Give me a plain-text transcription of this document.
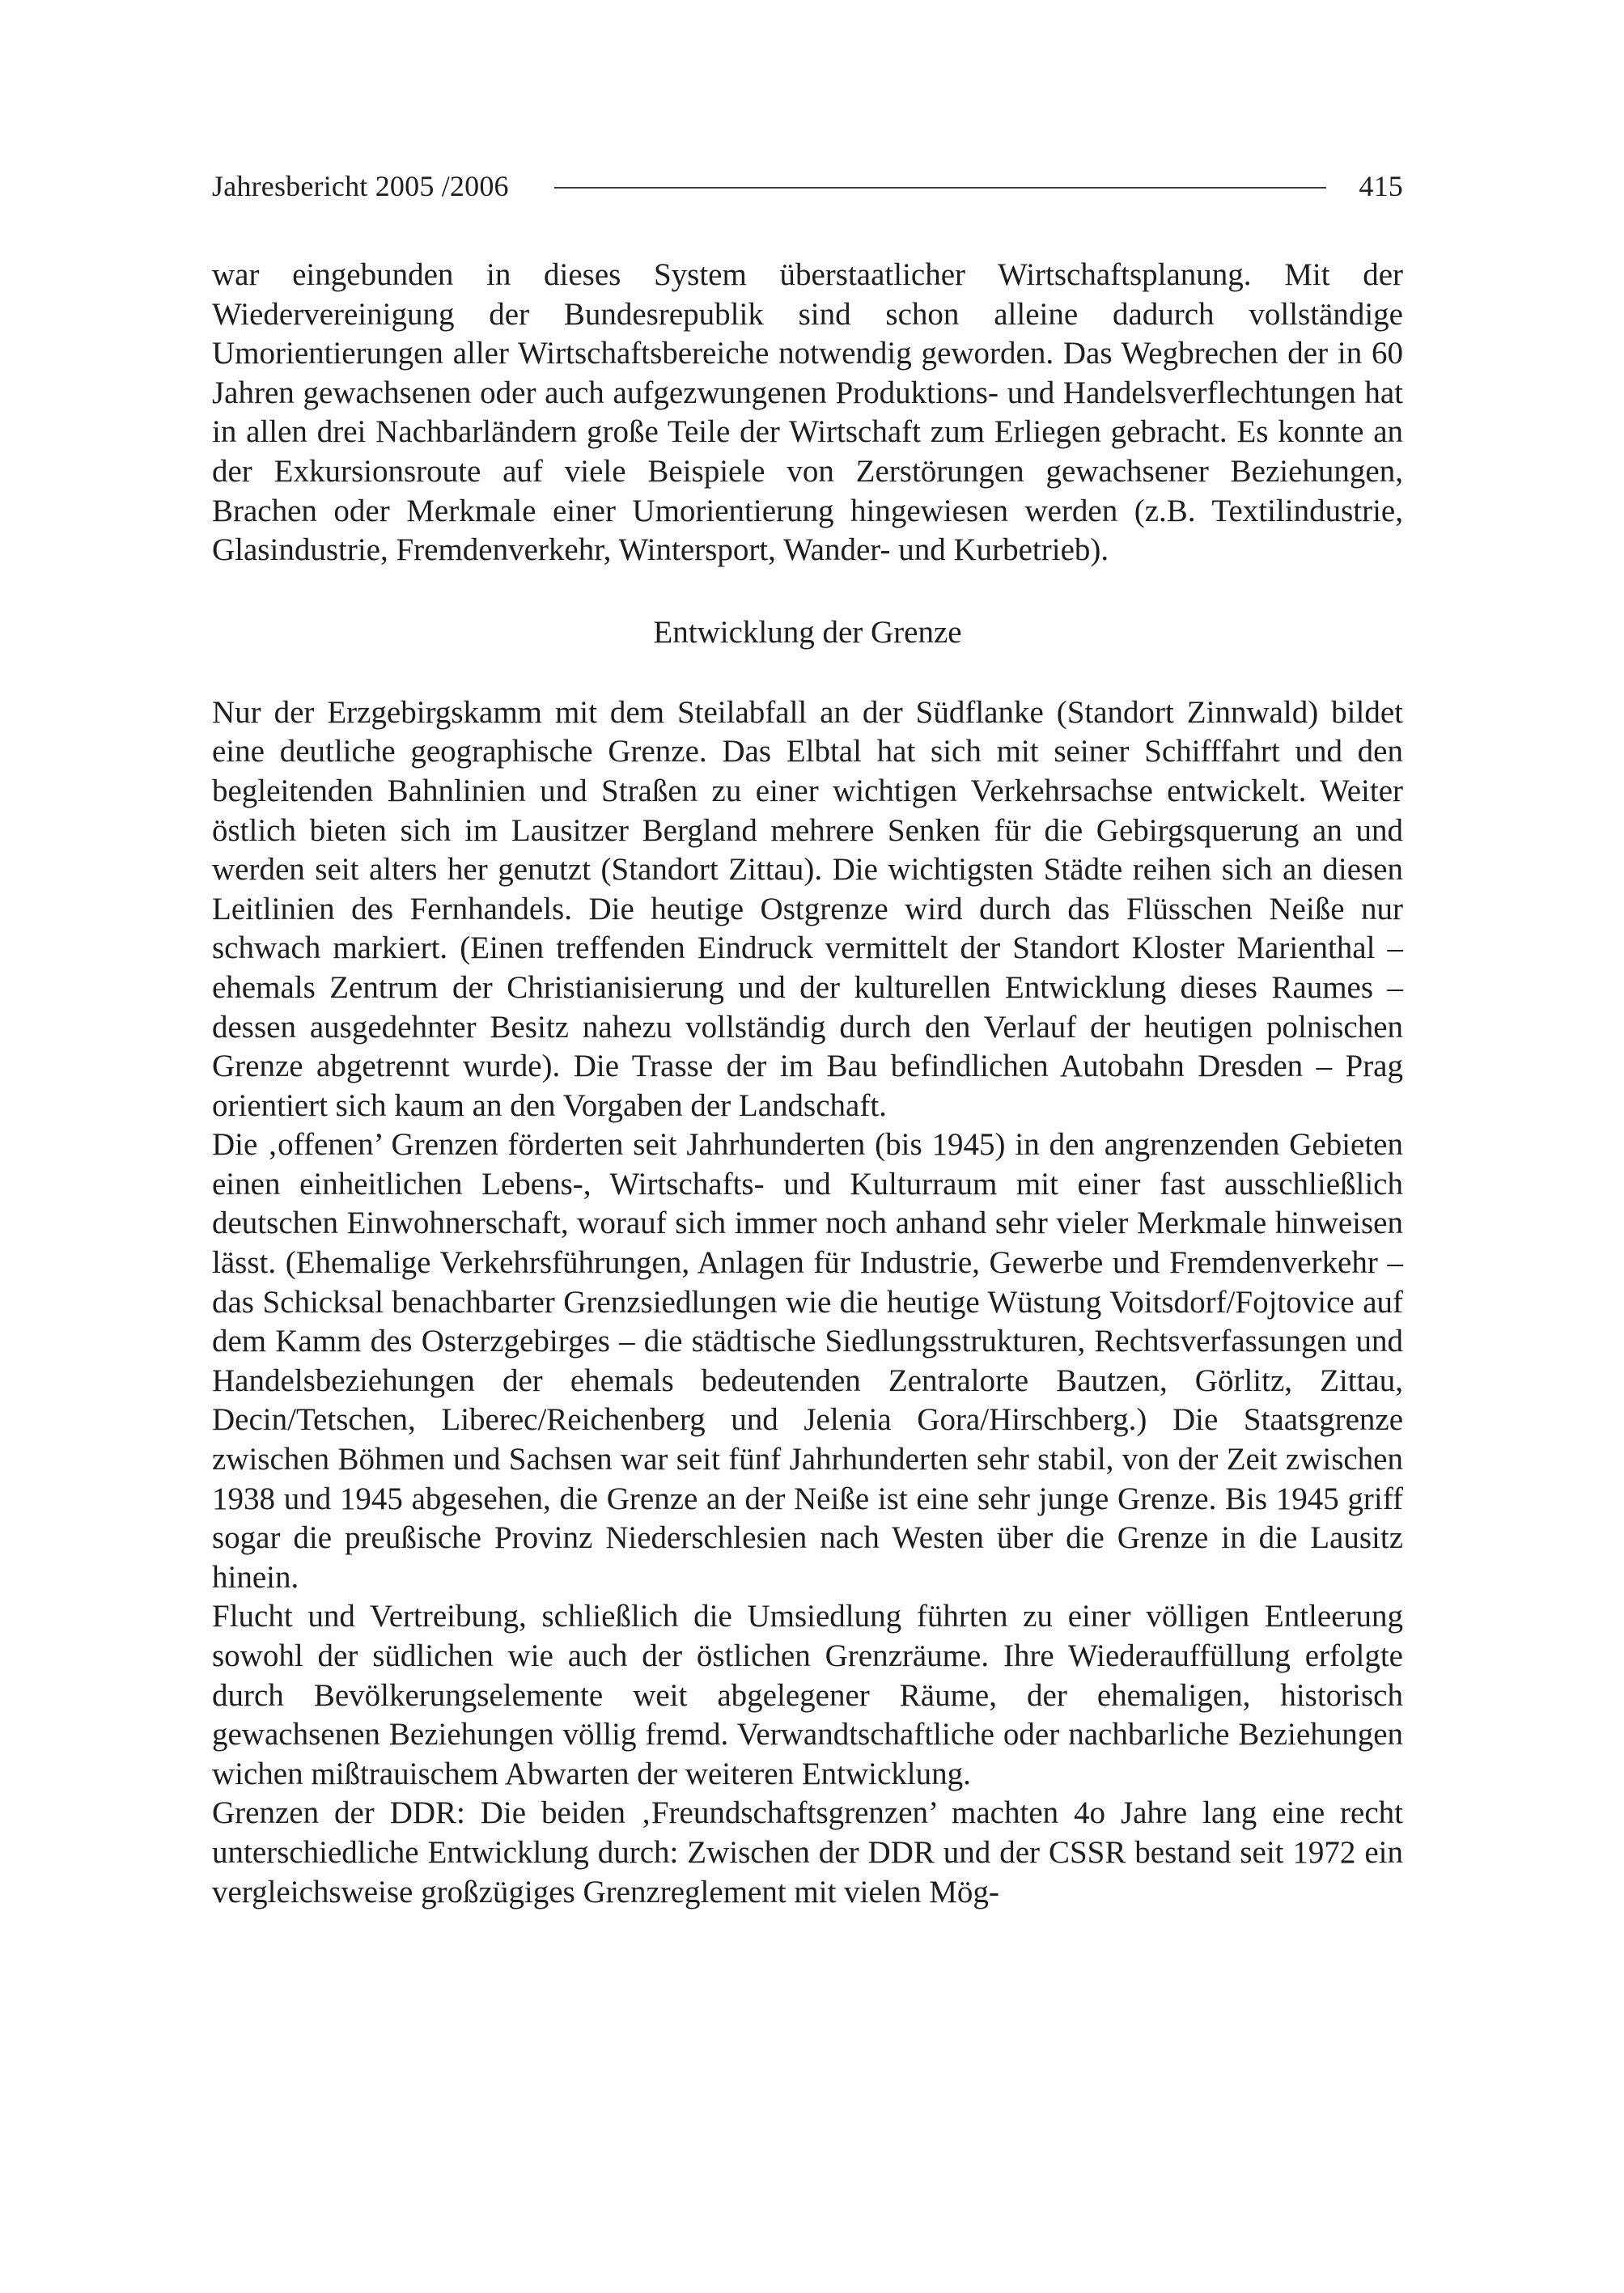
Jahresbericht 2005 /2006	415

war eingebunden in dieses System überstaatlicher Wirtschaftsplanung. Mit der Wiedervereinigung der Bundesrepublik sind schon alleine dadurch vollständige Umorientierungen aller Wirtschaftsbereiche notwendig geworden. Das Wegbrechen der in 60 Jahren gewachsenen oder auch aufgezwungenen Produktions- und Handelsverflechtungen hat in allen drei Nachbarländern große Teile der Wirtschaft zum Erliegen gebracht. Es konnte an der Exkursionsroute auf viele Beispiele von Zerstörungen gewachsener Beziehungen, Brachen oder Merkmale einer Umorientierung hingewiesen werden (z.B. Textilindustrie, Glasindustrie, Fremdenverkehr, Wintersport, Wander- und Kurbetrieb).

Entwicklung der Grenze

Nur der Erzgebirgskamm mit dem Steilabfall an der Südflanke (Standort Zinnwald) bildet eine deutliche geographische Grenze. Das Elbtal hat sich mit seiner Schifffahrt und den begleitenden Bahnlinien und Straßen zu einer wichtigen Verkehrsachse entwickelt. Weiter östlich bieten sich im Lausitzer Bergland mehrere Senken für die Gebirgsquerung an und werden seit alters her genutzt (Standort Zittau). Die wichtigsten Städte reihen sich an diesen Leitlinien des Fernhandels. Die heutige Ostgrenze wird durch das Flüsschen Neiße nur schwach markiert. (Einen treffenden Eindruck vermittelt der Standort Kloster Marienthal – ehemals Zentrum der Christianisierung und der kulturellen Entwicklung dieses Raumes – dessen ausgedehnter Besitz nahezu vollständig durch den Verlauf der heutigen polnischen Grenze abgetrennt wurde). Die Trasse der im Bau befindlichen Autobahn Dresden – Prag orientiert sich kaum an den Vorgaben der Landschaft.

Die ‚offenen’ Grenzen förderten seit Jahrhunderten (bis 1945) in den angrenzenden Gebieten einen einheitlichen Lebens-, Wirtschafts- und Kulturraum mit einer fast ausschließlich deutschen Einwohnerschaft, worauf sich immer noch anhand sehr vieler Merkmale hinweisen lässt. (Ehemalige Verkehrsführungen, Anlagen für Industrie, Gewerbe und Fremdenverkehr – das Schicksal benachbarter Grenzsiedlungen wie die heutige Wüstung Voitsdorf/Fojtovice auf dem Kamm des Osterzgebirges – die städtische Siedlungsstrukturen, Rechtsverfassungen und Handelsbeziehungen der ehemals bedeutenden Zentralorte Bautzen, Görlitz, Zittau, Decin/Tetschen, Liberec/Reichenberg und Jelenia Gora/Hirschberg.) Die Staatsgrenze zwischen Böhmen und Sachsen war seit fünf Jahrhunderten sehr stabil, von der Zeit zwischen 1938 und 1945 abgesehen, die Grenze an der Neiße ist eine sehr junge Grenze. Bis 1945 griff sogar die preußische Provinz Niederschlesien nach Westen über die Grenze in die Lausitz hinein.

Flucht und Vertreibung, schließlich die Umsiedlung führten zu einer völligen Entleerung sowohl der südlichen wie auch der östlichen Grenzräume. Ihre Wiederauffüllung erfolgte durch Bevölkerungselemente weit abgelegener Räume, der ehemaligen, historisch gewachsenen Beziehungen völlig fremd. Verwandtschaftliche oder nachbarliche Beziehungen wichen mißtrauischem Abwarten der weiteren Entwicklung.

Grenzen der DDR: Die beiden ‚Freundschaftsgrenzen’ machten 4o Jahre lang eine recht unterschiedliche Entwicklung durch: Zwischen der DDR und der CSSR bestand seit 1972 ein vergleichsweise großzügiges Grenzreglement mit vielen Mög-
